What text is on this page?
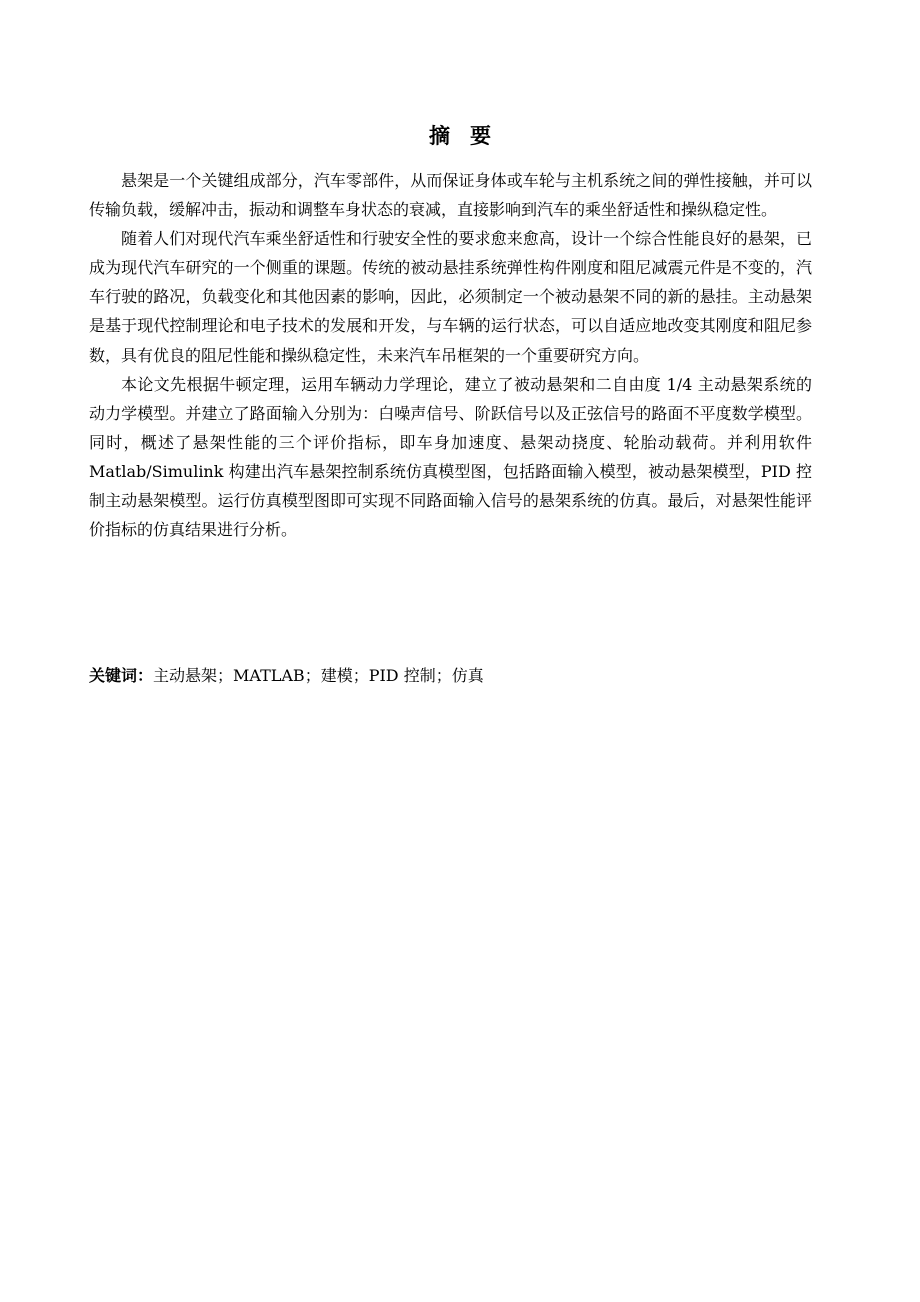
摘要

悬架是一个关键组成部分，汽车零部件，从而保证身体或车轮与主机系统之间的弹性接触，并可以传输负载，缓解冲击，振动和调整车身状态的衰减，直接影响到汽车的乘坐舒适性和操纵稳定性。

随着人们对现代汽车乘坐舒适性和行驶安全性的要求愈来愈高，设计一个综合性能良好的悬架，已成为现代汽车研究的一个侧重的课题。传统的被动悬挂系统弹性构件刚度和阻尼减震元件是不变的，汽车行驶的路况，负载变化和其他因素的影响，因此，必须制定一个被动悬架不同的新的悬挂。主动悬架是基于现代控制理论和电子技术的发展和开发，与车辆的运行状态，可以自适应地改变其刚度和阻尼参数，具有优良的阻尼性能和操纵稳定性，未来汽车吊框架的一个重要研究方向。

本论文先根据牛顿定理，运用车辆动力学理论，建立了被动悬架和二自由度 1/4 主动悬架系统的动力学模型。并建立了路面输入分别为：白噪声信号、阶跃信号以及正弦信号的路面不平度数学模型。同时，概述了悬架性能的三个评价指标，即车身加速度、悬架动挠度、轮胎动载荷。并利用软件 Matlab/Simulink 构建出汽车悬架控制系统仿真模型图，包括路面输入模型，被动悬架模型，PID 控制主动悬架模型。运行仿真模型图即可实现不同路面输入信号的悬架系统的仿真。最后，对悬架性能评价指标的仿真结果进行分析。

关键词：主动悬架；MATLAB；建模；PID 控制；仿真
